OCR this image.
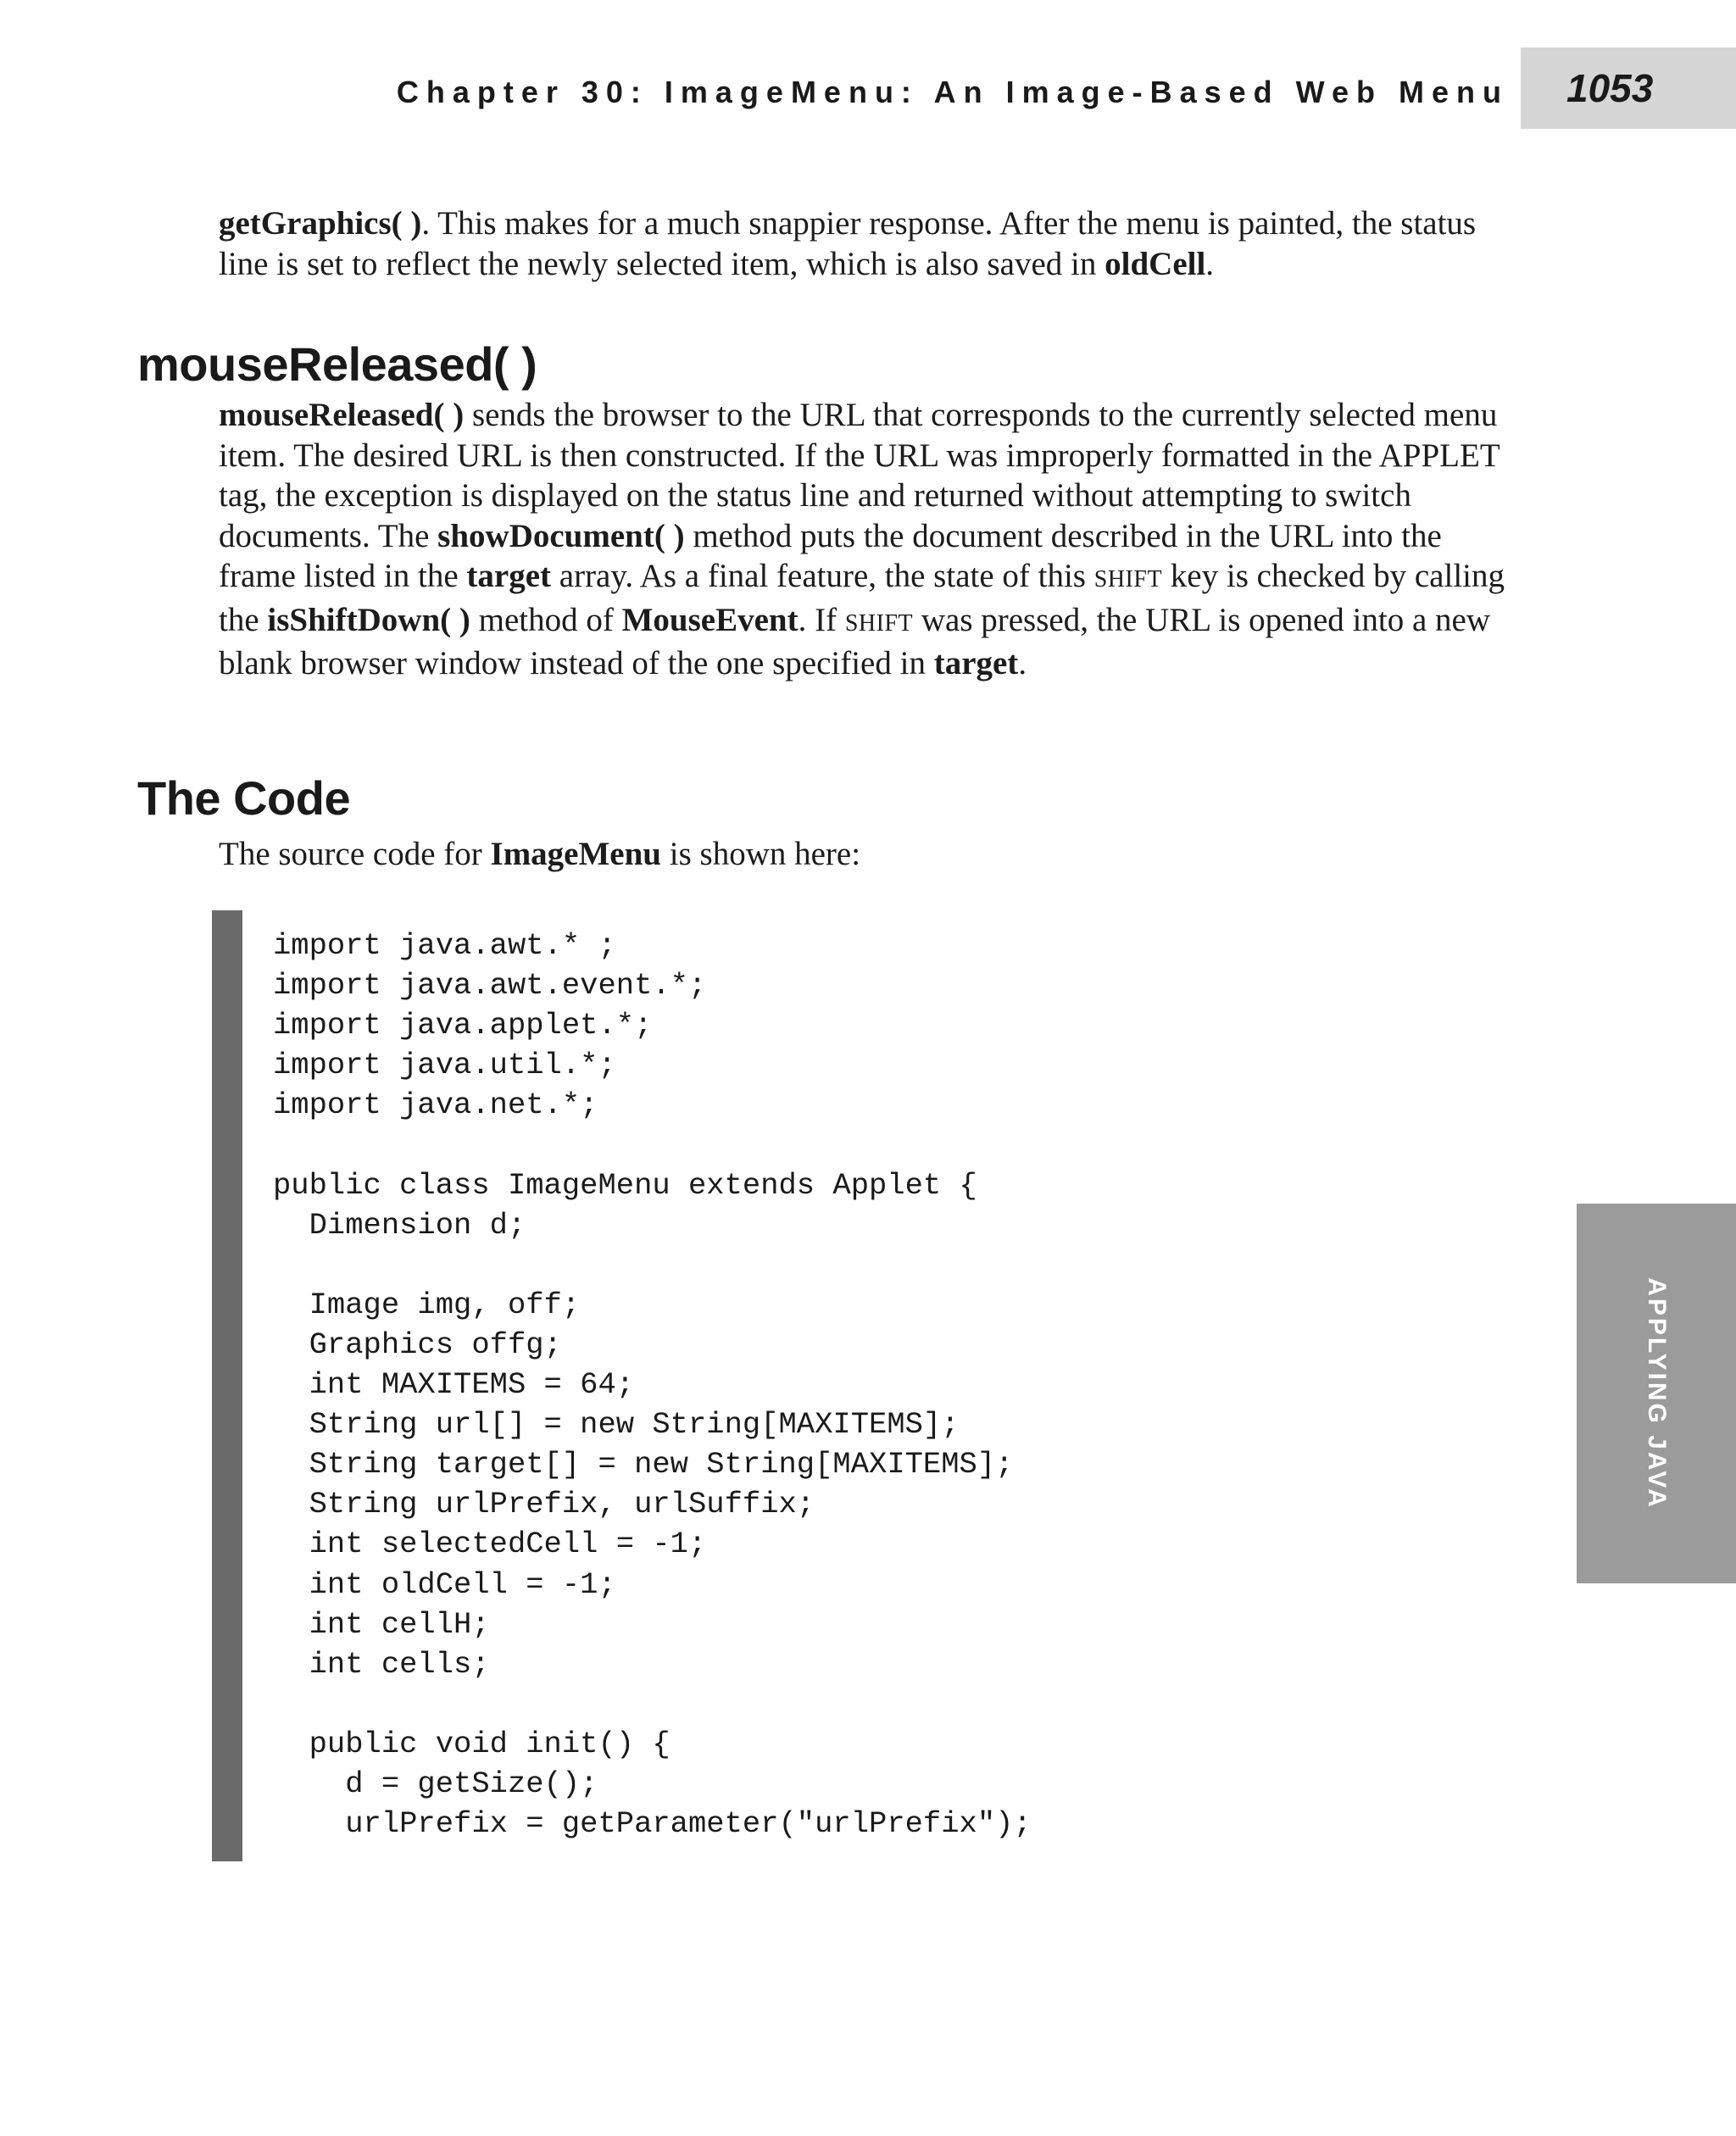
Chapter 30: ImageMenu: An Image-Based Web Menu 1053
APPLYING JAVA

getGraphics( ). This makes for a much snappier response. After the menu is painted, the status line is set to reflect the newly selected item, which is also saved in oldCell.

mouseReleased( )

mouseReleased( ) sends the browser to the URL that corresponds to the currently selected menu item. The desired URL is then constructed. If the URL was improperly formatted in the APPLET tag, the exception is displayed on the status line and returned without attempting to switch documents. The showDocument( ) method puts the document described in the URL into the frame listed in the target array. As a final feature, the state of this SHIFT key is checked by calling the isShiftDown( ) method of MouseEvent. If SHIFT was pressed, the URL is opened into a new blank browser window instead of the one specified in target.

The Code

The source code for ImageMenu is shown here:

import java.awt.* ;
import java.awt.event.*;
import java.applet.*;
import java.util.*;
import java.net.*;
public class ImageMenu extends Applet {
Dimension d;
Image img, off;
Graphics offg;
int MAXITEMS = 64;
String url[] = new String[MAXITEMS];
String target[] = new String[MAXITEMS];
String urlPrefix, urlSuffix;
int selectedCell = -1;
int oldCell = -1;
int cellH;
int cells;
public void init() {
d = getSize();
urlPrefix = getParameter("urlPrefix");
